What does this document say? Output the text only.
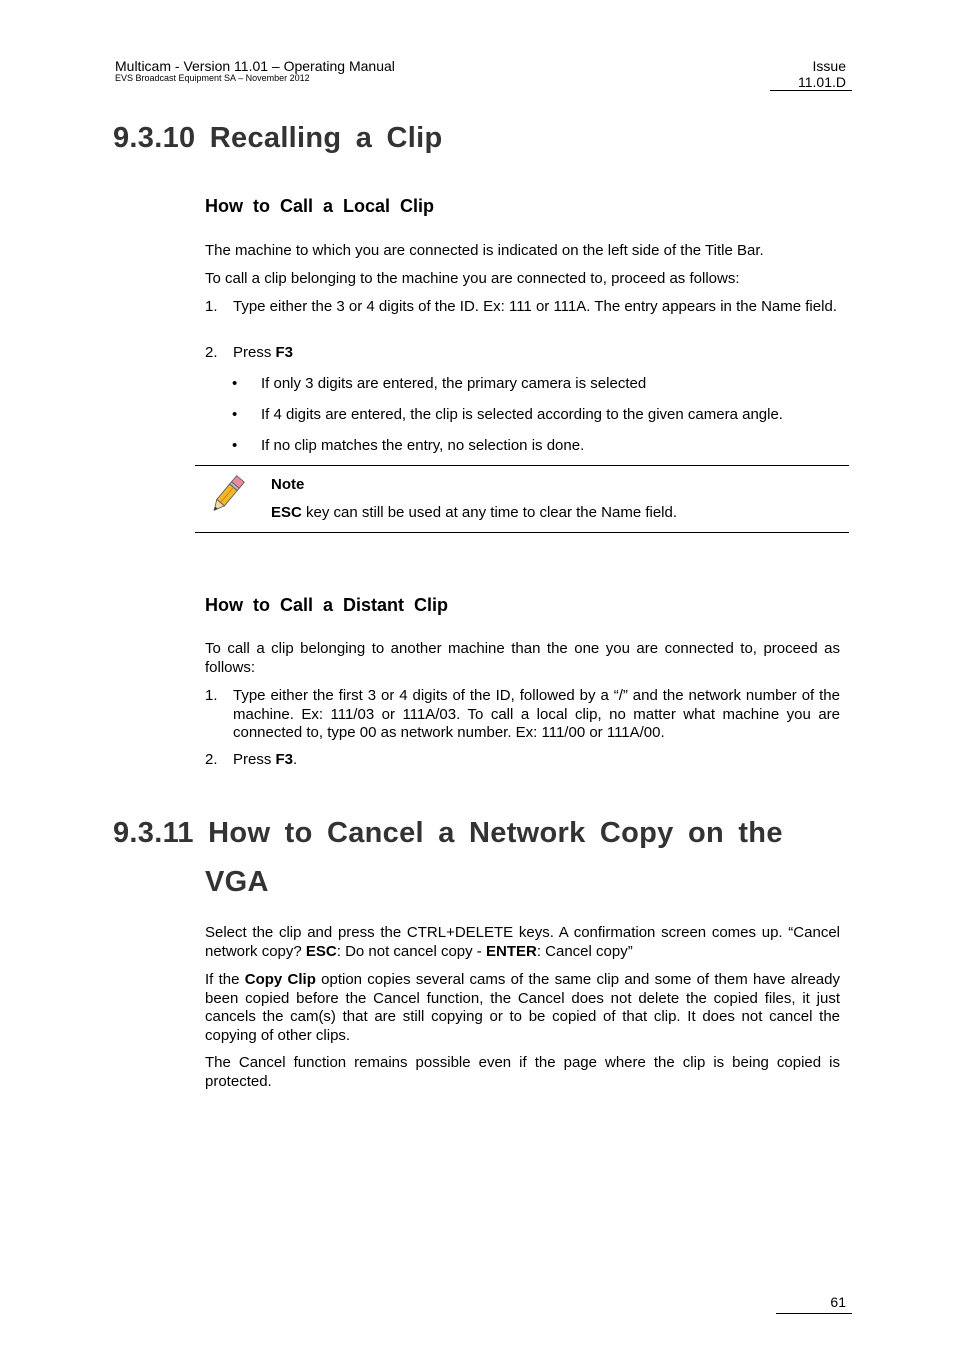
Multicam - Version 11.01 – Operating Manual
EVS Broadcast Equipment SA – November 2012
Issue
11.01.D
9.3.10 Recalling a Clip
How to Call a Local Clip
The machine to which you are connected is indicated on the left side of the Title Bar.
To call a clip belonging to the machine you are connected to, proceed as follows:
1. Type either the 3 or 4 digits of the ID. Ex: 111 or 111A. The entry appears in the Name field.
2. Press F3
• If only 3 digits are entered, the primary camera is selected
• If 4 digits are entered, the clip is selected according to the given camera angle.
• If no clip matches the entry, no selection is done.
Note
ESC key can still be used at any time to clear the Name field.
How to Call a Distant Clip
To call a clip belonging to another machine than the one you are connected to, proceed as follows:
1. Type either the first 3 or 4 digits of the ID, followed by a “/” and the network number of the machine. Ex: 111/03 or 111A/03. To call a local clip, no matter what machine you are connected to, type 00 as network number. Ex: 111/00 or 111A/00.
2. Press F3.
9.3.11 How to Cancel a Network Copy on the
VGA
Select the clip and press the CTRL+DELETE keys. A confirmation screen comes up. “Cancel network copy? ESC: Do not cancel copy - ENTER: Cancel copy”
If the Copy Clip option copies several cams of the same clip and some of them have already been copied before the Cancel function, the Cancel does not delete the copied files, it just cancels the cam(s) that are still copying or to be copied of that clip. It does not cancel the copying of other clips.
The Cancel function remains possible even if the page where the clip is being copied is protected.
61
